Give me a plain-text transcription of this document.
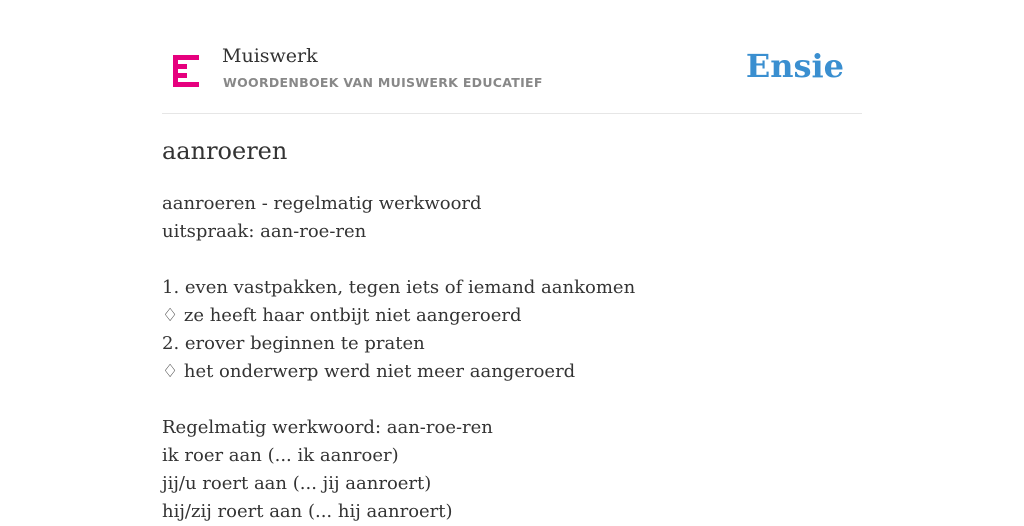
Muiswerk
WOORDENBOEK VAN MUISWERK EDUCATIEF	Ensie
aanroeren
aanroeren - regelmatig werkwoord
uitspraak: aan-roe-ren
1. even vastpakken, tegen iets of iemand aankomen
♢ ze heeft haar ontbijt niet aangeroerd
2. erover beginnen te praten
♢ het onderwerp werd niet meer aangeroerd
Regelmatig werkwoord: aan-roe-ren
ik roer aan (... ik aanroer)
jij/u roert aan (... jij aanroert)
hij/zij roert aan (... hij aanroert)
